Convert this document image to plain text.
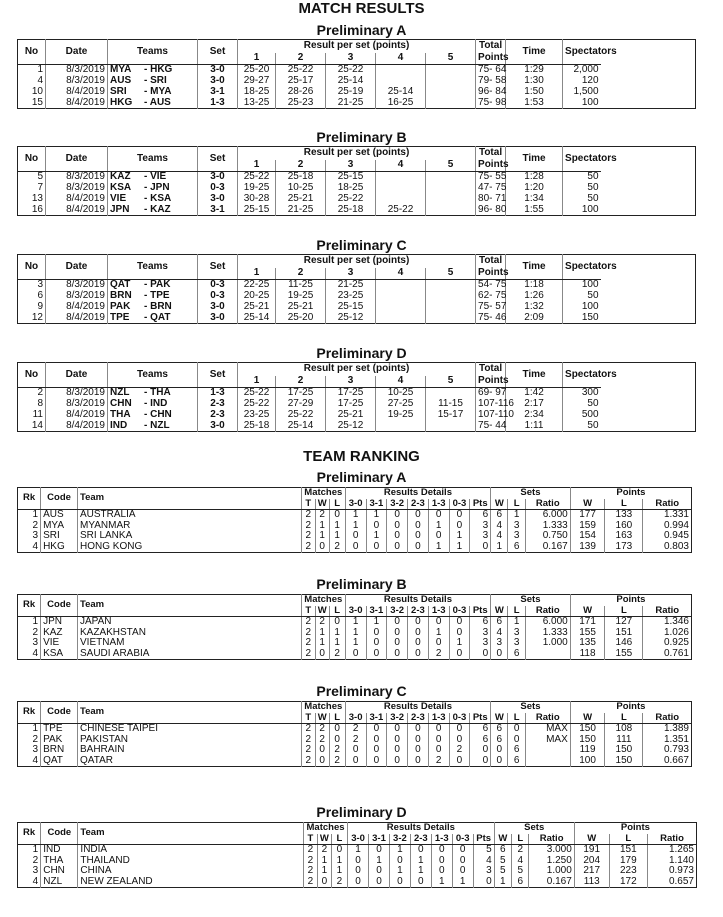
MATCH RESULTS
Preliminary A
No	Date	Teams	Set	Result per set (points)					Total	Time	Spectators
				1	2	3	4	5	Points		
1	8/3/2019	MYA - HKG	3-0	25-20	25-22	25-22			75- 64	1:29	2,000
4	8/3/2019	AUS - SRI	3-0	29-27	25-17	25-14			79- 58	1:30	120
10	8/4/2019	SRI - MYA	3-1	18-25	28-26	25-19	25-14		96- 84	1:50	1,500
15	8/4/2019	HKG - AUS	1-3	13-25	25-23	21-25	16-25		75- 98	1:53	100
Preliminary B
No	Date	Teams	Set	Result per set (points)					Total	Time	Spectators
				1	2	3	4	5	Points		
5	8/3/2019	KAZ - VIE	3-0	25-22	25-18	25-15			75- 55	1:28	50
7	8/3/2019	KSA - JPN	0-3	19-25	10-25	18-25			47- 75	1:20	50
13	8/4/2019	VIE - KSA	3-0	30-28	25-21	25-22			80- 71	1:34	50
16	8/4/2019	JPN - KAZ	3-1	25-15	21-25	25-18	25-22		96- 80	1:55	100
Preliminary C
No	Date	Teams	Set	Result per set (points)					Total	Time	Spectators
				1	2	3	4	5	Points		
3	8/3/2019	QAT - PAK	0-3	22-25	11-25	21-25			54- 75	1:18	100
6	8/3/2019	BRN - TPE	0-3	20-25	19-25	23-25			62- 75	1:26	50
9	8/4/2019	PAK - BRN	3-0	25-21	25-21	25-15			75- 57	1:32	100
12	8/4/2019	TPE - QAT	3-0	25-14	25-20	25-12			75- 46	2:09	150
Preliminary D
No	Date	Teams	Set	Result per set (points)					Total	Time	Spectators
				1	2	3	4	5	Points		
2	8/3/2019	NZL - THA	1-3	25-22	17-25	17-25	10-25		69- 97	1:42	300
8	8/3/2019	CHN - IND	2-3	25-22	27-29	17-25	27-25	11-15	107-116	2:17	50
11	8/4/2019	THA - CHN	2-3	23-25	25-22	25-21	19-25	15-17	107-110	2:34	500
14	8/4/2019	IND - NZL	3-0	25-18	25-14	25-12			75- 44	1:11	50
TEAM RANKING
Preliminary A
Rk	Code	Team	Matches			Results Details							Sets			Points		
			T	W	L	3-0	3-1	3-2	2-3	1-3	0-3	Pts	W	L	Ratio	W	L	Ratio
1	AUS	AUSTRALIA	2	2	0	1	1	0	0	0	0	6	6	1	6.000	177	133	1.331
2	MYA	MYANMAR	2	1	1	1	0	0	0	1	0	3	4	3	1.333	159	160	0.994
3	SRI	SRI LANKA	2	1	1	0	1	0	0	0	1	3	4	3	0.750	154	163	0.945
4	HKG	HONG KONG	2	0	2	0	0	0	0	1	1	0	1	6	0.167	139	173	0.803
Preliminary B
Rk	Code	Team	Matches			Results Details							Sets			Points		
			T	W	L	3-0	3-1	3-2	2-3	1-3	0-3	Pts	W	L	Ratio	W	L	Ratio
1	JPN	JAPAN	2	2	0	1	1	0	0	0	0	6	6	1	6.000	171	127	1.346
2	KAZ	KAZAKHSTAN	2	1	1	1	0	0	0	1	0	3	4	3	1.333	155	151	1.026
3	VIE	VIETNAM	2	1	1	1	0	0	0	0	1	3	3	3	1.000	135	146	0.925
4	KSA	SAUDI ARABIA	2	0	2	0	0	0	0	2	0	0	0	6		118	155	0.761
Preliminary C
Rk	Code	Team	Matches			Results Details							Sets			Points		
			T	W	L	3-0	3-1	3-2	2-3	1-3	0-3	Pts	W	L	Ratio	W	L	Ratio
1	TPE	CHINESE TAIPEI	2	2	0	2	0	0	0	0	0	6	6	0	MAX	150	108	1.389
2	PAK	PAKISTAN	2	2	0	2	0	0	0	0	0	6	6	0	MAX	150	111	1.351
3	BRN	BAHRAIN	2	0	2	0	0	0	0	0	2	0	0	6		119	150	0.793
4	QAT	QATAR	2	0	2	0	0	0	0	2	0	0	0	6		100	150	0.667
Preliminary D
Rk	Code	Team	Matches			Results Details							Sets			Points		
			T	W	L	3-0	3-1	3-2	2-3	1-3	0-3	Pts	W	L	Ratio	W	L	Ratio
1	IND	INDIA	2	2	0	1	0	1	0	0	0	5	6	2	3.000	191	151	1.265
2	THA	THAILAND	2	1	1	0	1	0	1	0	0	4	5	4	1.250	204	179	1.140
3	CHN	CHINA	2	1	1	0	0	1	1	0	0	3	5	5	1.000	217	223	0.973
4	NZL	NEW ZEALAND	2	0	2	0	0	0	0	1	1	0	1	6	0.167	113	172	0.657
